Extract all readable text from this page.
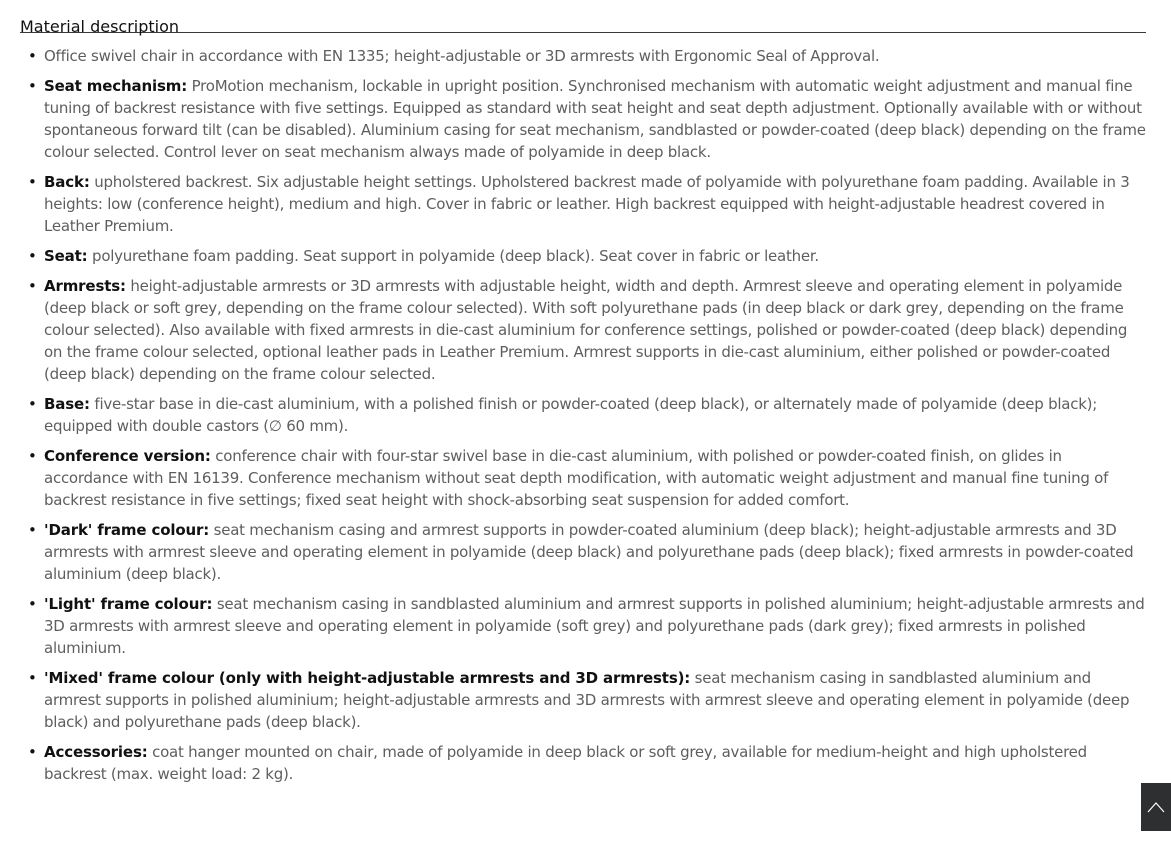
Material description
• Office swivel chair in accordance with EN 1335; height-adjustable or 3D armrests with Ergonomic Seal of Approval.
• Seat mechanism: ProMotion mechanism, lockable in upright position. Synchronised mechanism with automatic weight adjustment and manual fine tuning of backrest resistance with five settings. Equipped as standard with seat height and seat depth adjustment. Optionally available with or without spontaneous forward tilt (can be disabled). Aluminium casing for seat mechanism, sandblasted or powder-coated (deep black) depending on the frame colour selected. Control lever on seat mechanism always made of polyamide in deep black.
• Back: upholstered backrest. Six adjustable height settings. Upholstered backrest made of polyamide with polyurethane foam padding. Available in 3 heights: low (conference height), medium and high. Cover in fabric or leather. High backrest equipped with height-adjustable headrest covered in Leather Premium.
• Seat: polyurethane foam padding. Seat support in polyamide (deep black). Seat cover in fabric or leather.
• Armrests: height-adjustable armrests or 3D armrests with adjustable height, width and depth. Armrest sleeve and operating element in polyamide (deep black or soft grey, depending on the frame colour selected). With soft polyurethane pads (in deep black or dark grey, depending on the frame colour selected). Also available with fixed armrests in die-cast aluminium for conference settings, polished or powder-coated (deep black) depending on the frame colour selected, optional leather pads in Leather Premium. Armrest supports in die-cast aluminium, either polished or powder-coated (deep black) depending on the frame colour selected.
• Base: five-star base in die-cast aluminium, with a polished finish or powder-coated (deep black), or alternately made of polyamide (deep black); equipped with double castors (∅ 60 mm).
• Conference version: conference chair with four-star swivel base in die-cast aluminium, with polished or powder-coated finish, on glides in accordance with EN 16139. Conference mechanism without seat depth modification, with automatic weight adjustment and manual fine tuning of backrest resistance in five settings; fixed seat height with shock-absorbing seat suspension for added comfort.
• 'Dark' frame colour: seat mechanism casing and armrest supports in powder-coated aluminium (deep black); height-adjustable armrests and 3D armrests with armrest sleeve and operating element in polyamide (deep black) and polyurethane pads (deep black); fixed armrests in powder-coated aluminium (deep black).
• 'Light' frame colour: seat mechanism casing in sandblasted aluminium and armrest supports in polished aluminium; height-adjustable armrests and 3D armrests with armrest sleeve and operating element in polyamide (soft grey) and polyurethane pads (dark grey); fixed armrests in polished aluminium.
• 'Mixed' frame colour (only with height-adjustable armrests and 3D armrests): seat mechanism casing in sandblasted aluminium and armrest supports in polished aluminium; height-adjustable armrests and 3D armrests with armrest sleeve and operating element in polyamide (deep black) and polyurethane pads (deep black).
• Accessories: coat hanger mounted on chair, made of polyamide in deep black or soft grey, available for medium-height and high upholstered backrest (max. weight load: 2 kg).
